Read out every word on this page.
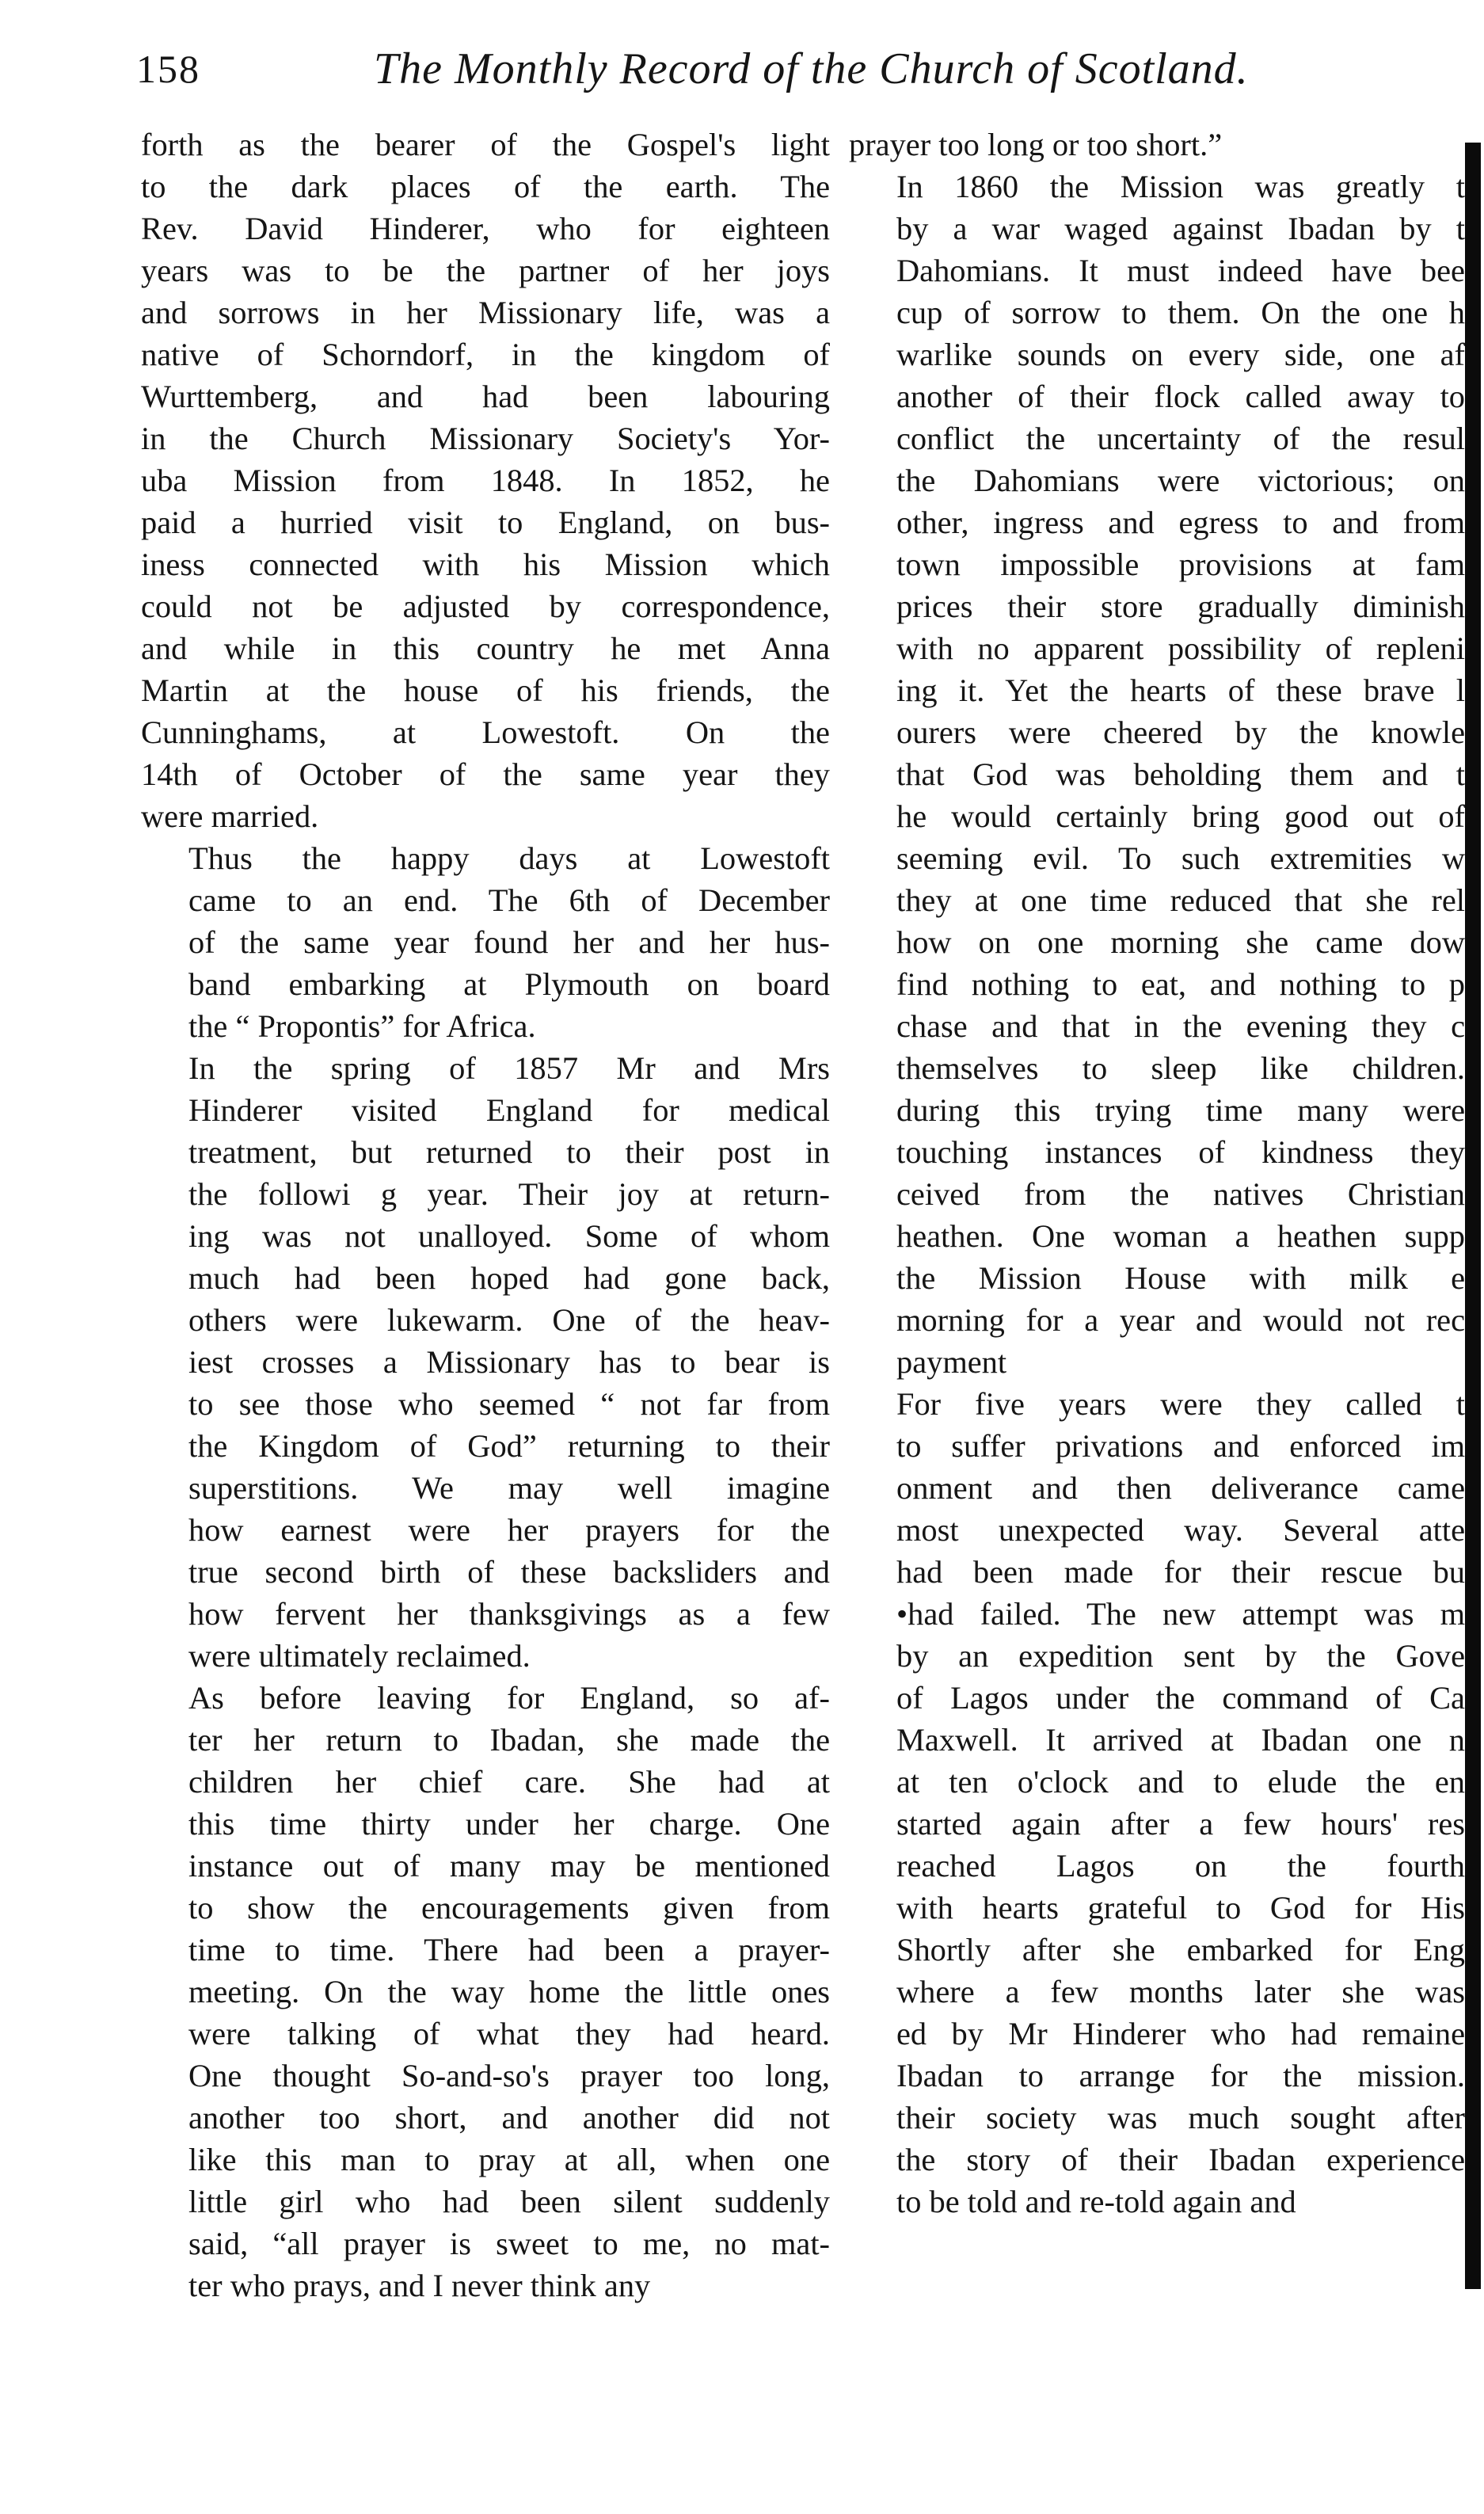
158	The Monthly Record of the Church of Scotland.

forth as the bearer of the Gospel's light
to the dark places of the earth. The
Rev. David Hinderer, who for eighteen
years was to be the partner of her joys
and sorrows in her Missionary life, was a
native of Schorndorf, in the kingdom of
Wurttemberg, and had been labouring
in the Church Missionary Society's Yor-
uba Mission from 1848. In 1852, he
paid a hurried visit to England, on bus-
iness connected with his Mission which
could not be adjusted by correspondence,
and while in this country he met Anna
Martin at the house of his friends, the
Cunninghams, at Lowestoft. On the
14th of October of the same year they
were married.

Thus the happy days at Lowestoft
came to an end. The 6th of December
of the same year found her and her hus-
band embarking at Plymouth on board
the “ Propontis” for Africa.

In the spring of 1857 Mr and Mrs
Hinderer visited England for medical
treatment, but returned to their post in
the followi g year. Their joy at return-
ing was not unalloyed. Some of whom
much had been hoped had gone back,
others were lukewarm. One of the heav-
iest crosses a Missionary has to bear is
to see those who seemed “ not far from
the Kingdom of God” returning to their
superstitions. We may well imagine
how earnest were her prayers for the
true second birth of these backsliders and
how fervent her thanksgivings as a few
were ultimately reclaimed.

As before leaving for England, so af-
ter her return to Ibadan, she made the
children her chief care. She had at
this time thirty under her charge. One
instance out of many may be mentioned
to show the encouragements given from
time to time. There had been a prayer-
meeting. On the way home the little ones
were talking of what they had heard.
One thought So-and-so's prayer too long,
another too short, and another did not
like this man to pray at all, when one
little girl who had been silent suddenly
said, “all prayer is sweet to me, no mat-
ter who prays, and I never think any

prayer too long or too short.”

In 1860 the Mission was greatly t
by a war waged against Ibadan by t
Dahomians. It must indeed have bee
cup of sorrow to them. On the one h
warlike sounds on every side, one af
another of their flock called away to
conflict the uncertainty of the resul
the Dahomians were victorious; on
other, ingress and egress to and from
town impossible provisions at fam
prices their store gradually diminish
with no apparent possibility of repleni
ing it. Yet the hearts of these brave l
ourers were cheered by the knowle
that God was beholding them and t
he would certainly bring good out of
seeming evil. To such extremities w
they at one time reduced that she rel
how on one morning she came dow
find nothing to eat, and nothing to p
chase and that in the evening they c
themselves to sleep like children.
during this trying time many were
touching instances of kindness they
ceived from the natives Christian
heathen. One woman a heathen supp
the Mission House with milk e
morning for a year and would not rec
payment

For five years were they called t
to suffer privations and enforced im
onment and then deliverance came
most unexpected way. Several atte
had been made for their rescue bu
•had failed. The new attempt was m
by an expedition sent by the Gove
of Lagos under the command of Ca
Maxwell. It arrived at Ibadan one n
at ten o'clock and to elude the en
started again after a few hours' res
reached Lagos on the fourth
with hearts grateful to God for His
Shortly after she embarked for Eng
where a few months later she was
ed by Mr Hinderer who had remaine
Ibadan to arrange for the mission.
their society was much sought after
the story of their Ibadan experience
to be told and re-told again and
